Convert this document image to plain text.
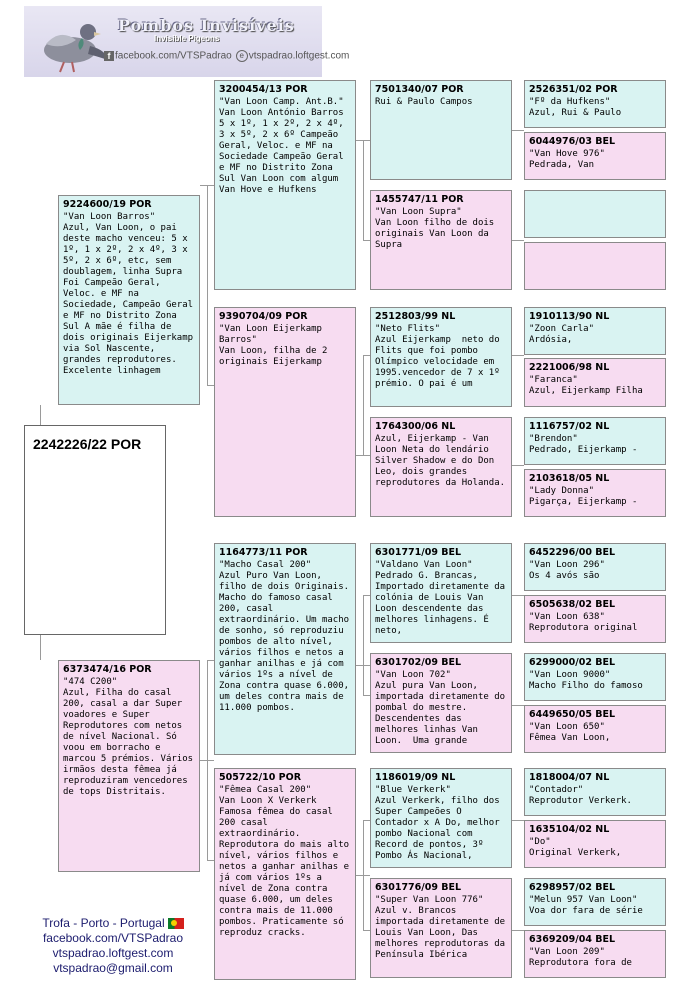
Pombos Invisíveis
Invisible Pigeons
f facebook.com/VTSPadrao e vtspadrao.loftgest.com
2242226/22 POR
9224600/19 POR
"Van Loon Barros"
Azul, Van Loon, o pai deste macho venceu: 5 x 1º, 1 x 2º, 2 x 4º, 3 x 5º, 2 x 6º, etc, sem doublagem, linha Supra Foi Campeão Geral, Veloc. e MF na Sociedade, Campeão Geral e MF no Distrito Zona Sul A mãe é filha de dois originais Eijerkamp via Sol Nascente, grandes reprodutores. Excelente linhagem
6373474/16 POR
"474 C200"
Azul, Filha do casal 200, casal a dar Super voadores e Super Reprodutores com netos de nível Nacional. Só voou em borracho e marcou 5 prémios. Vários irmãos desta fêmea já reproduziram vencedores de tops Distritais.
3200454/13 POR
"Van Loon Camp. Ant.B."
Van Loon António Barros 5 x 1º, 1 x 2º, 2 x 4º, 3 x 5º, 2 x 6º Campeão Geral, Veloc. e MF na Sociedade Campeão Geral e MF no Distrito Zona Sul Van Loon com algum Van Hove e Hufkens
9390704/09 POR
"Van Loon Eijerkamp Barros"
Van Loon, filha de 2 originais Eijerkamp
1164773/11 POR
"Macho Casal 200"
Azul Puro Van Loon, filho de dois Originais. Macho do famoso casal 200, casal extraordinário. Um macho de sonho, só reproduziu pombos de alto nível, vários filhos e netos a ganhar anilhas e já com vários 1ºs a nível de Zona contra quase 6.000, um deles contra mais de 11.000 pombos.
505722/10 POR
"Fêmea Casal 200"
Van Loon X Verkerk Famosa fêmea do casal 200 casal extraordinário. Reprodutora do mais alto nível, vários filhos e netos a ganhar anilhas e já com vários 1ºs a nível de Zona contra quase 6.000, um deles contra mais de 11.000 pombos. Praticamente só reproduz cracks.
7501340/07 POR
Rui & Paulo Campos
1455747/11 POR
"Van Loon Supra"
Van Loon filho de dois originais Van Loon da Supra
2512803/99 NL
"Neto Flits"
Azul Eijerkamp  neto do Flits que foi pombo Olímpico velocidade em 1995.vencedor de 7 x 1º prémio. O pai é um
1764300/06 NL
Azul, Eijerkamp - Van Loon Neta do lendário Silver Shadow e do Don Leo, dois grandes reprodutores da Holanda.
6301771/09 BEL
"Valdano Van Loon"
Pedrado G. Brancas, Importado diretamente da colónia de Louis Van Loon descendente das melhores linhagens. É neto,
6301702/09 BEL
"Van Loon 702"
Azul pura Van Loon, importada diretamente do pombal do mestre. Descendentes das melhores linhas Van Loon.  Uma grande
1186019/09 NL
"Blue Verkerk"
Azul Verkerk, filho dos Super Campeões O Contador x A Do, melhor pombo Nacional com Record de pontos, 3º Pombo Ás Nacional,
6301776/09 BEL
"Super Van Loon 776"
Azul v. Brancos importada diretamente de Louis Van Loon, Das melhores reprodutoras da Península Ibérica
2526351/02 POR
"Fº da Hufkens"
Azul, Rui & Paulo
6044976/03 BEL
"Van Hove 976"
Pedrada, Van
1910113/90 NL
"Zoon Carla"
Ardósia,
2221006/98 NL
"Faranca"
Azul, Eijerkamp Filha
1116757/02 NL
"Brendon"
Pedrado, Eijerkamp -
2103618/05 NL
"Lady Donna"
Pigarça, Eijerkamp -
6452296/00 BEL
"Van Loon 296"
Os 4 avós são
6505638/02 BEL
"Van Loon 638"
Reprodutora original
6299000/02 BEL
"Van Loon 9000"
Macho Filho do famoso
6449650/05 BEL
"Van Loon 650"
Fêmea Van Loon,
1818004/07 NL
"Contador"
Reprodutor Verkerk.
1635104/02 NL
"Do"
Original Verkerk,
6298957/02 BEL
"Melun 957 Van Loon"
Voa dor fara de série
6369209/04 BEL
"Van Loon 209"
Reprodutora fora de
Trofa - Porto - Portugal
facebook.com/VTSPadrao
vtspadrao.loftgest.com
vtspadrao@gmail.com
